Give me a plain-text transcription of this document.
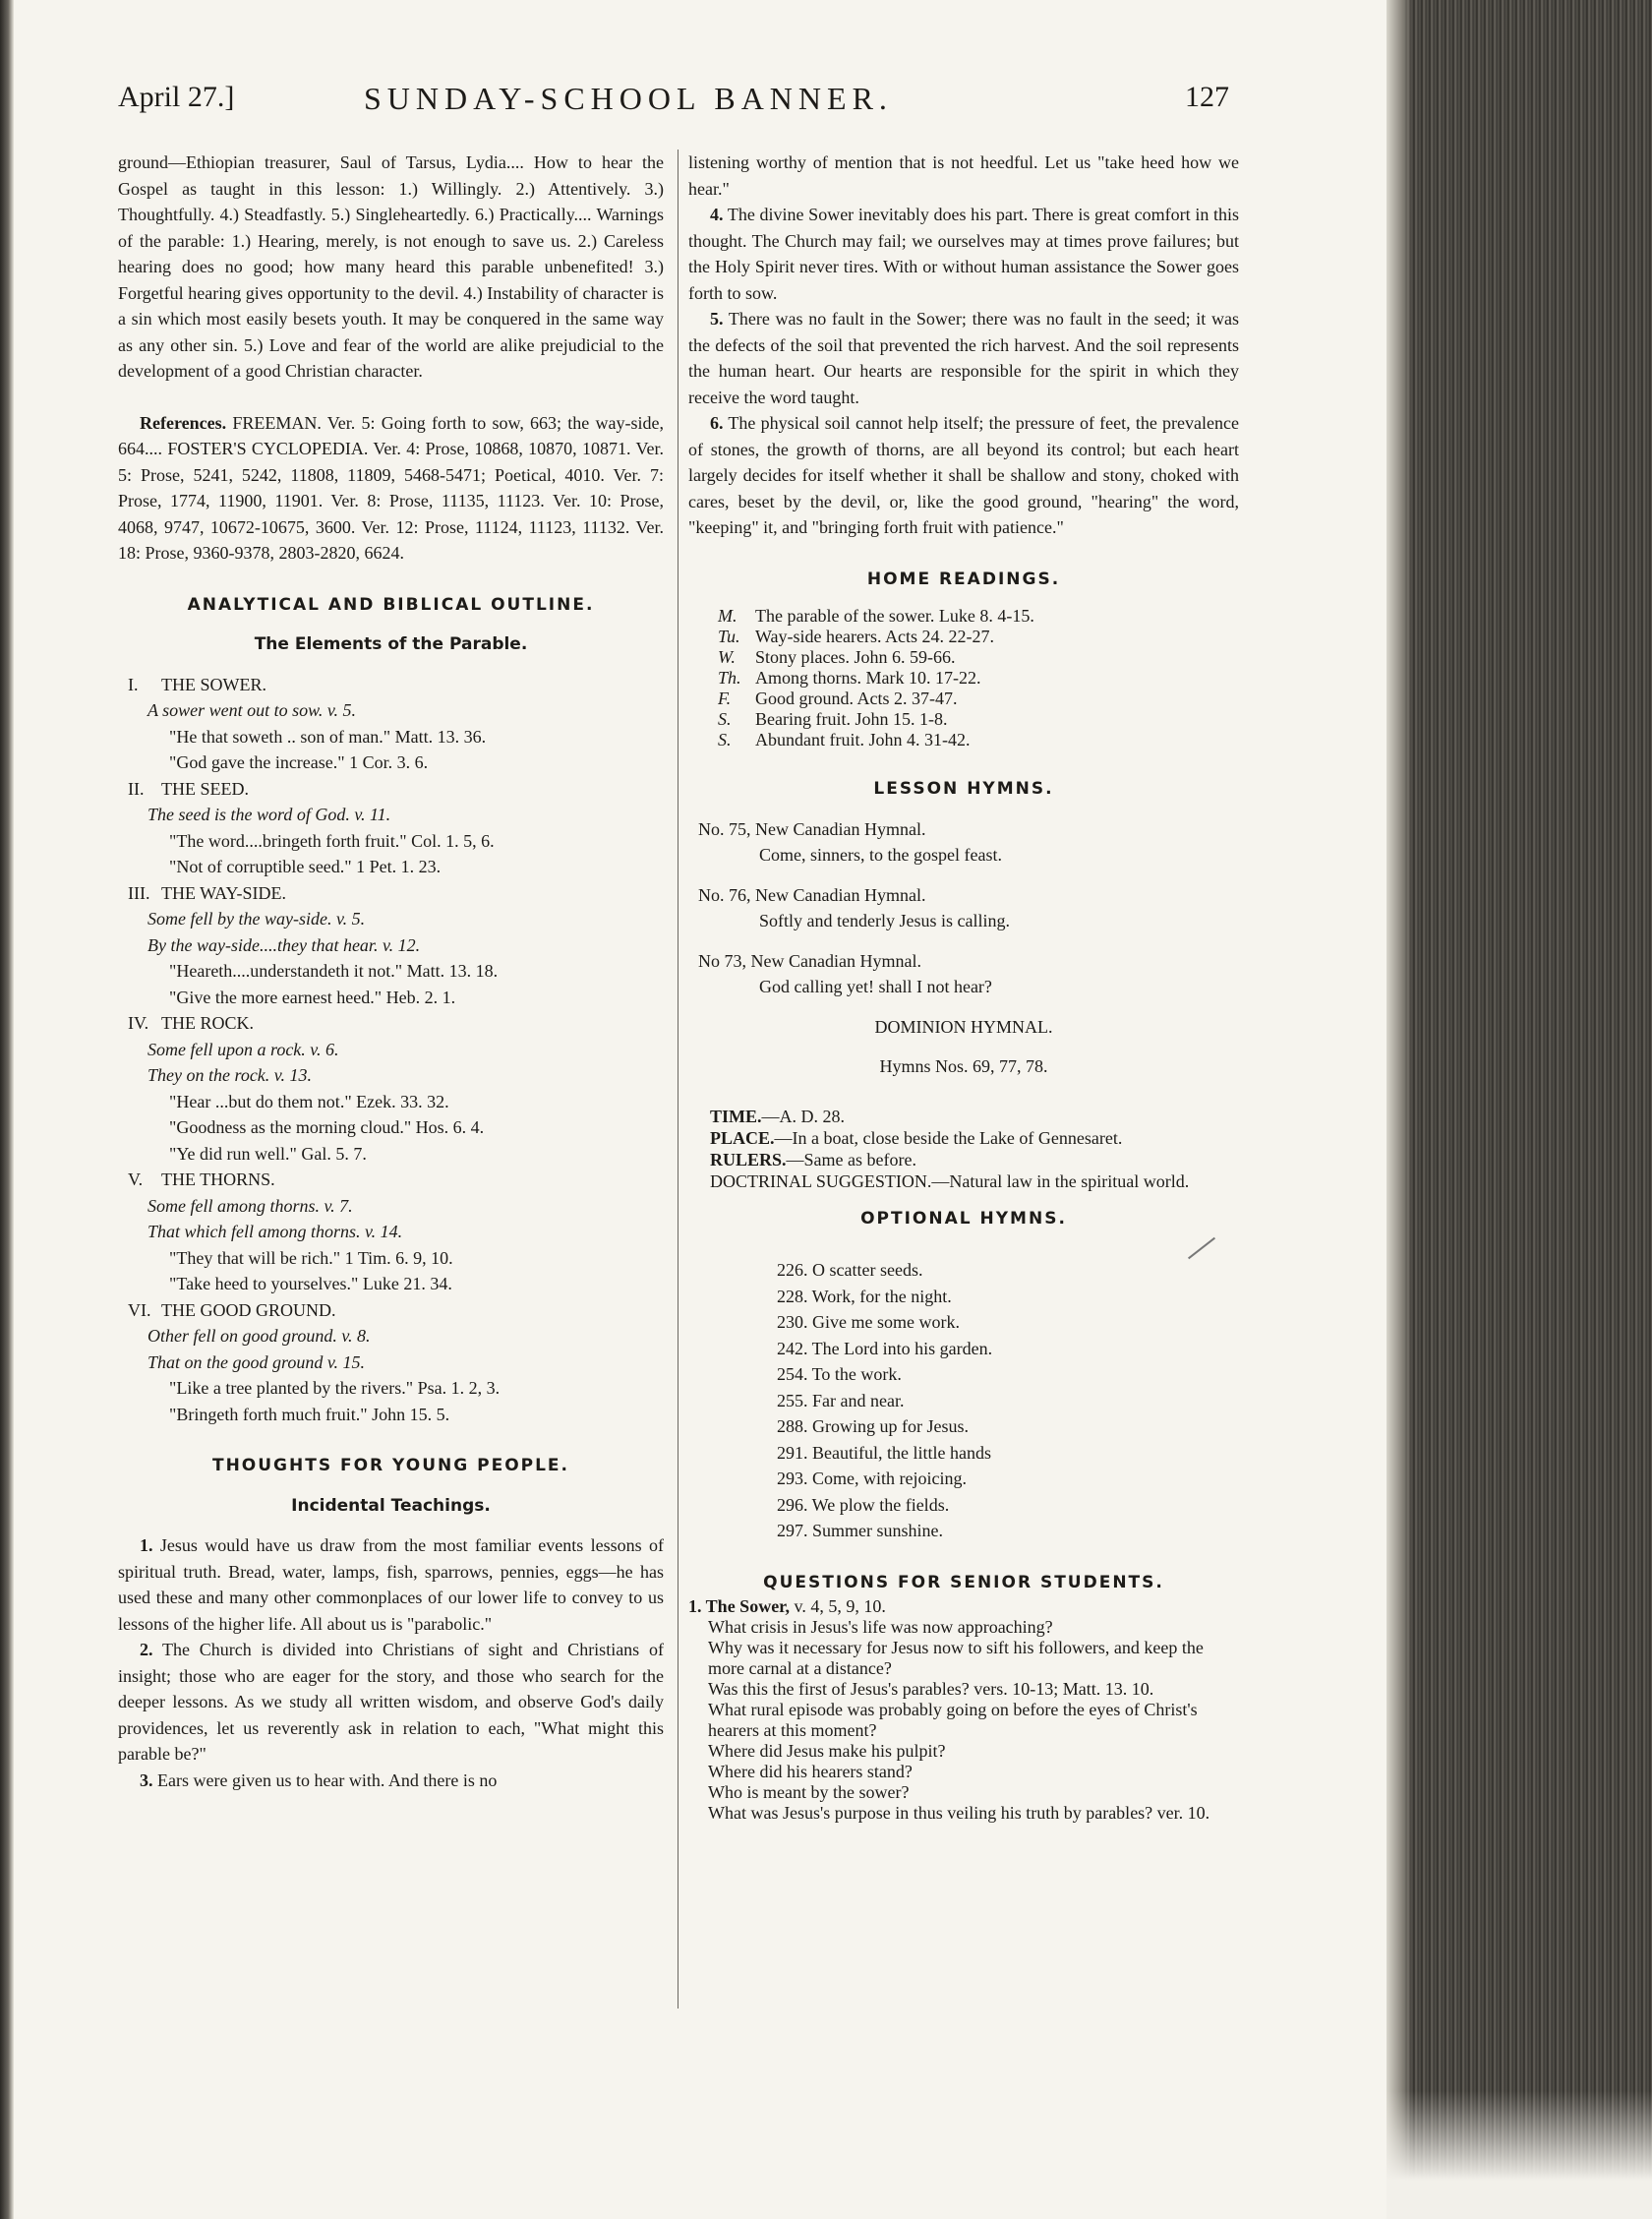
April 27.]	SUNDAY-SCHOOL BANNER.	127

ground—Ethiopian treasurer, Saul of Tarsus, Lydia.... How to hear the Gospel as taught in this lesson: 1.) Willingly. 2.) Attentively. 3.) Thoughtfully. 4.) Steadfastly. 5.) Singleheartedly. 6.) Practically.... Warnings of the parable: 1.) Hearing, merely, is not enough to save us. 2.) Careless hearing does no good; how many heard this parable unbenefited! 3.) Forgetful hearing gives opportunity to the devil. 4.) Instability of character is a sin which most easily besets youth. It may be conquered in the same way as any other sin. 5.) Love and fear of the world are alike prejudicial to the development of a good Christian character.

References. FREEMAN. Ver. 5: Going forth to sow, 663; the way-side, 664.... FOSTER'S CYCLOPEDIA. Ver. 4: Prose, 10868, 10870, 10871. Ver. 5: Prose, 5241, 5242, 11808, 11809, 5468-5471; Poetical, 4010. Ver. 7: Prose, 1774, 11900, 11901. Ver. 8: Prose, 11135, 11123. Ver. 10: Prose, 4068, 9747, 10672-10675, 3600. Ver. 12: Prose, 11124, 11123, 11132. Ver. 18: Prose, 9360-9378, 2803-2820, 6624.

ANALYTICAL AND BIBLICAL OUTLINE.

The Elements of the Parable.

I. THE SOWER.
A sower went out to sow. v. 5.
"He that soweth .. son of man." Matt. 13. 36.
"God gave the increase." 1 Cor. 3. 6.
II. THE SEED.
The seed is the word of God. v. 11.
"The word....bringeth forth fruit." Col. 1. 5, 6.
"Not of corruptible seed." 1 Pet. 1. 23.
III. THE WAY-SIDE.
Some fell by the way-side. v. 5.
By the way-side....they that hear. v. 12.
"Heareth....understandeth it not." Matt. 13. 18.
"Give the more earnest heed." Heb. 2. 1.
IV. THE ROCK.
Some fell upon a rock. v. 6.
They on the rock. v. 13.
"Hear ...but do them not." Ezek. 33. 32.
"Goodness as the morning cloud." Hos. 6. 4.
"Ye did run well." Gal. 5. 7.
V. THE THORNS.
Some fell among thorns. v. 7.
That which fell among thorns. v. 14.
"They that will be rich." 1 Tim. 6. 9, 10.
"Take heed to yourselves." Luke 21. 34.
VI. THE GOOD GROUND.
Other fell on good ground. v. 8.
That on the good ground v. 15.
"Like a tree planted by the rivers." Psa. 1. 2, 3.
"Bringeth forth much fruit." John 15. 5.

THOUGHTS FOR YOUNG PEOPLE.

Incidental Teachings.

1. Jesus would have us draw from the most familiar events lessons of spiritual truth. Bread, water, lamps, fish, sparrows, pennies, eggs—he has used these and many other commonplaces of our lower life to convey to us lessons of the higher life. All about us is "parabolic."

2. The Church is divided into Christians of sight and Christians of insight; those who are eager for the story, and those who search for the deeper lessons. As we study all written wisdom, and observe God's daily providences, let us reverently ask in relation to each, "What might this parable be?"

3. Ears were given us to hear with. And there is no

listening worthy of mention that is not heedful. Let us "take heed how we hear."

4. The divine Sower inevitably does his part. There is great comfort in this thought. The Church may fail; we ourselves may at times prove failures; but the Holy Spirit never tires. With or without human assistance the Sower goes forth to sow.

5. There was no fault in the Sower; there was no fault in the seed; it was the defects of the soil that prevented the rich harvest. And the soil represents the human heart. Our hearts are responsible for the spirit in which they receive the word taught.

6. The physical soil cannot help itself; the pressure of feet, the prevalence of stones, the growth of thorns, are all beyond its control; but each heart largely decides for itself whether it shall be shallow and stony, choked with cares, beset by the devil, or, like the good ground, "hearing" the word, "keeping" it, and "bringing forth fruit with patience."

HOME READINGS.

M.	The parable of the sower. Luke 8. 4-15.
Tu. Way-side hearers. Acts 24. 22-27.
W.	Stony places. John 6. 59-66.
Th. Among thorns. Mark 10. 17-22.
F.	Good ground. Acts 2. 37-47.
S.	Bearing fruit. John 15. 1-8.
S.	Abundant fruit. John 4. 31-42.

LESSON HYMNS.

No. 75, New Canadian Hymnal.
Come, sinners, to the gospel feast.
No. 76, New Canadian Hymnal.
Softly and tenderly Jesus is calling.
No 73, New Canadian Hymnal.
God calling yet! shall I not hear?

DOMINION HYMNAL.

Hymns Nos. 69, 77, 78.

TIME.—A. D. 28.

PLACE.—In a boat, close beside the Lake of Gennesaret.

RULERS.—Same as before.

DOCTRINAL SUGGESTION.—Natural law in the spiritual world.

OPTIONAL HYMNS.

226. O scatter seeds.
228. Work, for the night.
230. Give me some work.
242. The Lord into his garden.
254. To the work.
255. Far and near.
288. Growing up for Jesus.
291. Beautiful, the little hands
293. Come, with rejoicing.
296. We plow the fields.
297. Summer sunshine.

QUESTIONS FOR SENIOR STUDENTS.

1. The Sower, v. 4, 5, 9, 10.

What crisis in Jesus's life was now approaching?
Why was it necessary for Jesus now to sift his followers, and keep the more carnal at a distance?
Was this the first of Jesus's parables? vers. 10-13; Matt. 13. 10.
What rural episode was probably going on before the eyes of Christ's hearers at this moment?
Where did Jesus make his pulpit?
Where did his hearers stand?
Who is meant by the sower?
What was Jesus's purpose in thus veiling his truth by parables? ver. 10.
